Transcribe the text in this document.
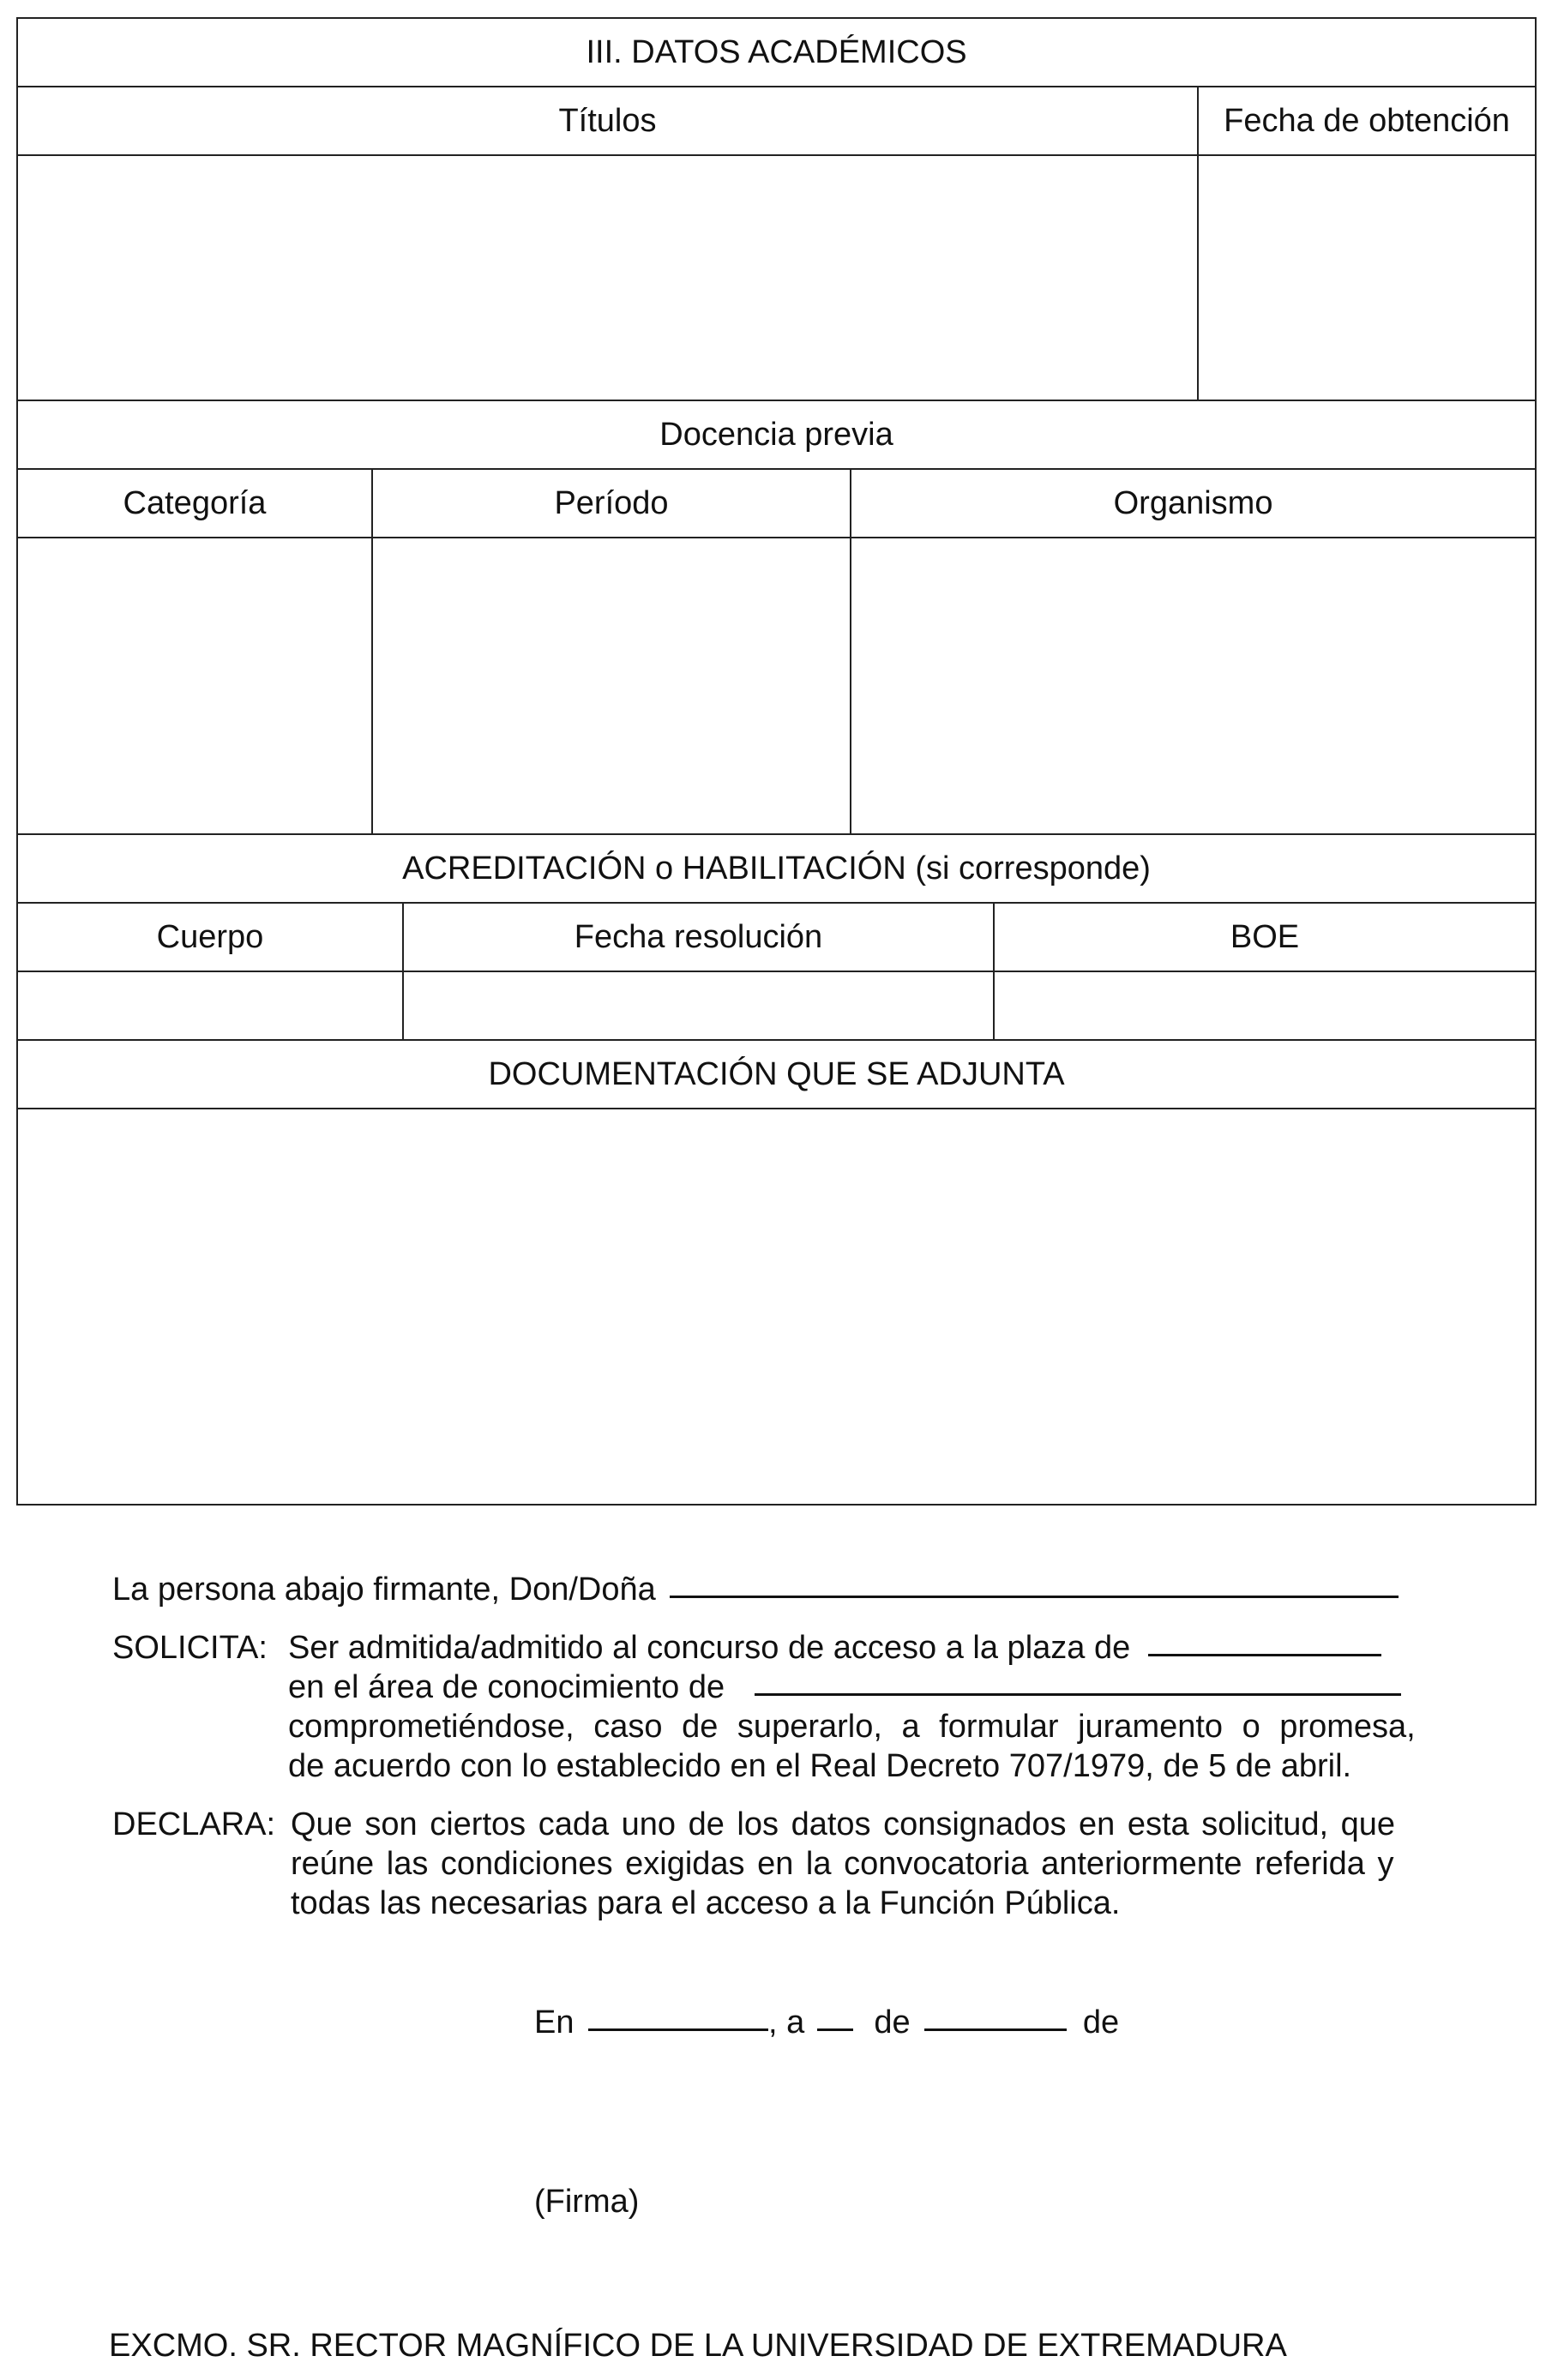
III. DATOS ACADÉMICOS					
Títulos					Fecha de obtención

Docencia previa					
Categoría	Período		Organismo		

ACREDITACIÓN o HABILITACIÓN (si corresponde)					
Cuerpo		Fecha resolución		BOE	

DOCUMENTACIÓN QUE SE ADJUNTA					

La persona abajo firmante, Don/Doña
SOLICITA: Ser admitida/admitido al concurso de acceso a la plaza de
en el área de conocimiento de
comprometiéndose, caso de superarlo, a formular juramento o promesa,
de acuerdo con lo establecido en el Real Decreto 707/1979, de 5 de abril.
DECLARA: Que son ciertos cada uno de los datos consignados en esta solicitud, que
reúne las condiciones exigidas en la convocatoria anteriormente referida y
todas las necesarias para el acceso a la Función Pública.
En	, a de	de
(Firma)
EXCMO. SR. RECTOR MAGNÍFICO DE LA UNIVERSIDAD DE EXTREMADURA
